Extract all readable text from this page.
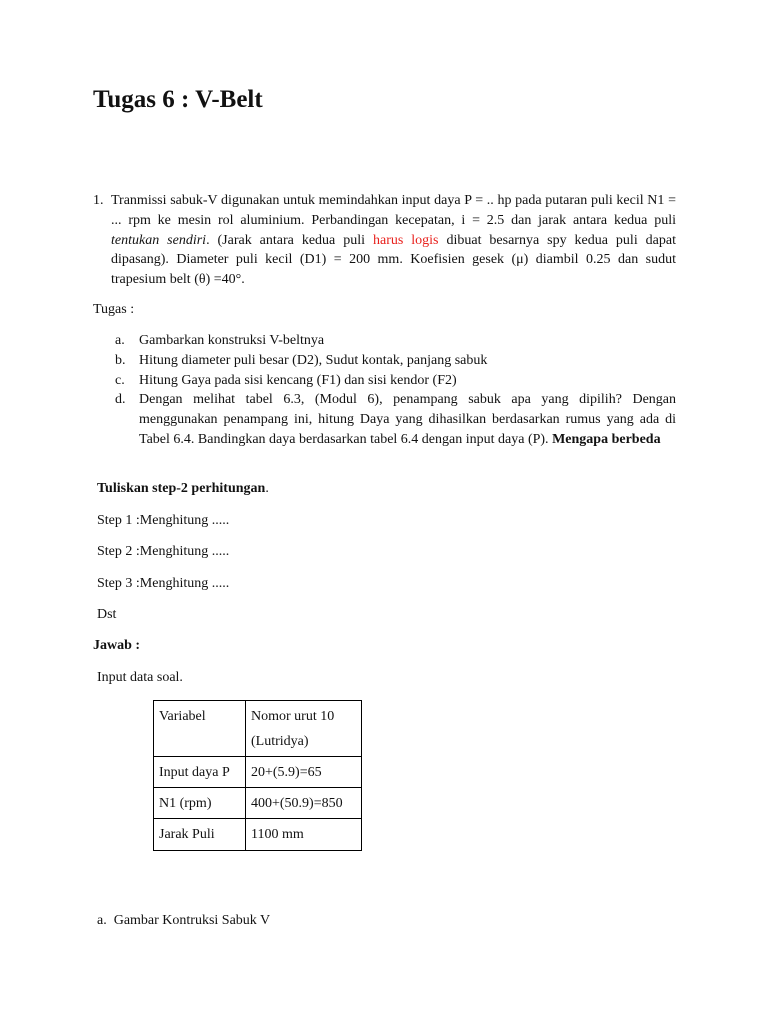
Tugas 6 : V-Belt
1. Tranmissi sabuk-V digunakan untuk memindahkan input daya P = .. hp pada putaran puli kecil N1 = ... rpm ke mesin rol aluminium. Perbandingan kecepatan, i = 2.5 dan jarak antara kedua puli tentukan sendiri. (Jarak antara kedua puli harus logis dibuat besarnya spy kedua puli dapat dipasang). Diameter puli kecil (D1) = 200 mm. Koefisien gesek (μ) diambil 0.25 dan sudut trapesium belt (θ) =40°.
Tugas :
a. Gambarkan konstruksi V-beltnya
b. Hitung diameter puli besar (D2), Sudut kontak, panjang sabuk
c. Hitung Gaya pada sisi kencang (F1) dan sisi kendor (F2)
d. Dengan melihat tabel 6.3, (Modul 6), penampang sabuk apa yang dipilih? Dengan menggunakan penampang ini, hitung Daya yang dihasilkan berdasarkan rumus yang ada di Tabel 6.4. Bandingkan daya berdasarkan tabel 6.4 dengan input daya (P). Mengapa berbeda
Tuliskan step-2 perhitungan.
Step 1 :Menghitung .....
Step 2 :Menghitung .....
Step 3 :Menghitung .....
Dst
Jawab :
Input data soal.
Variabel	Nomor urut 10
(Lutridya)

Input daya P	20+(5.9)=65
N1 (rpm)	400+(50.9)=850
Jarak Puli	1100 mm
a. Gambar Kontruksi Sabuk V
